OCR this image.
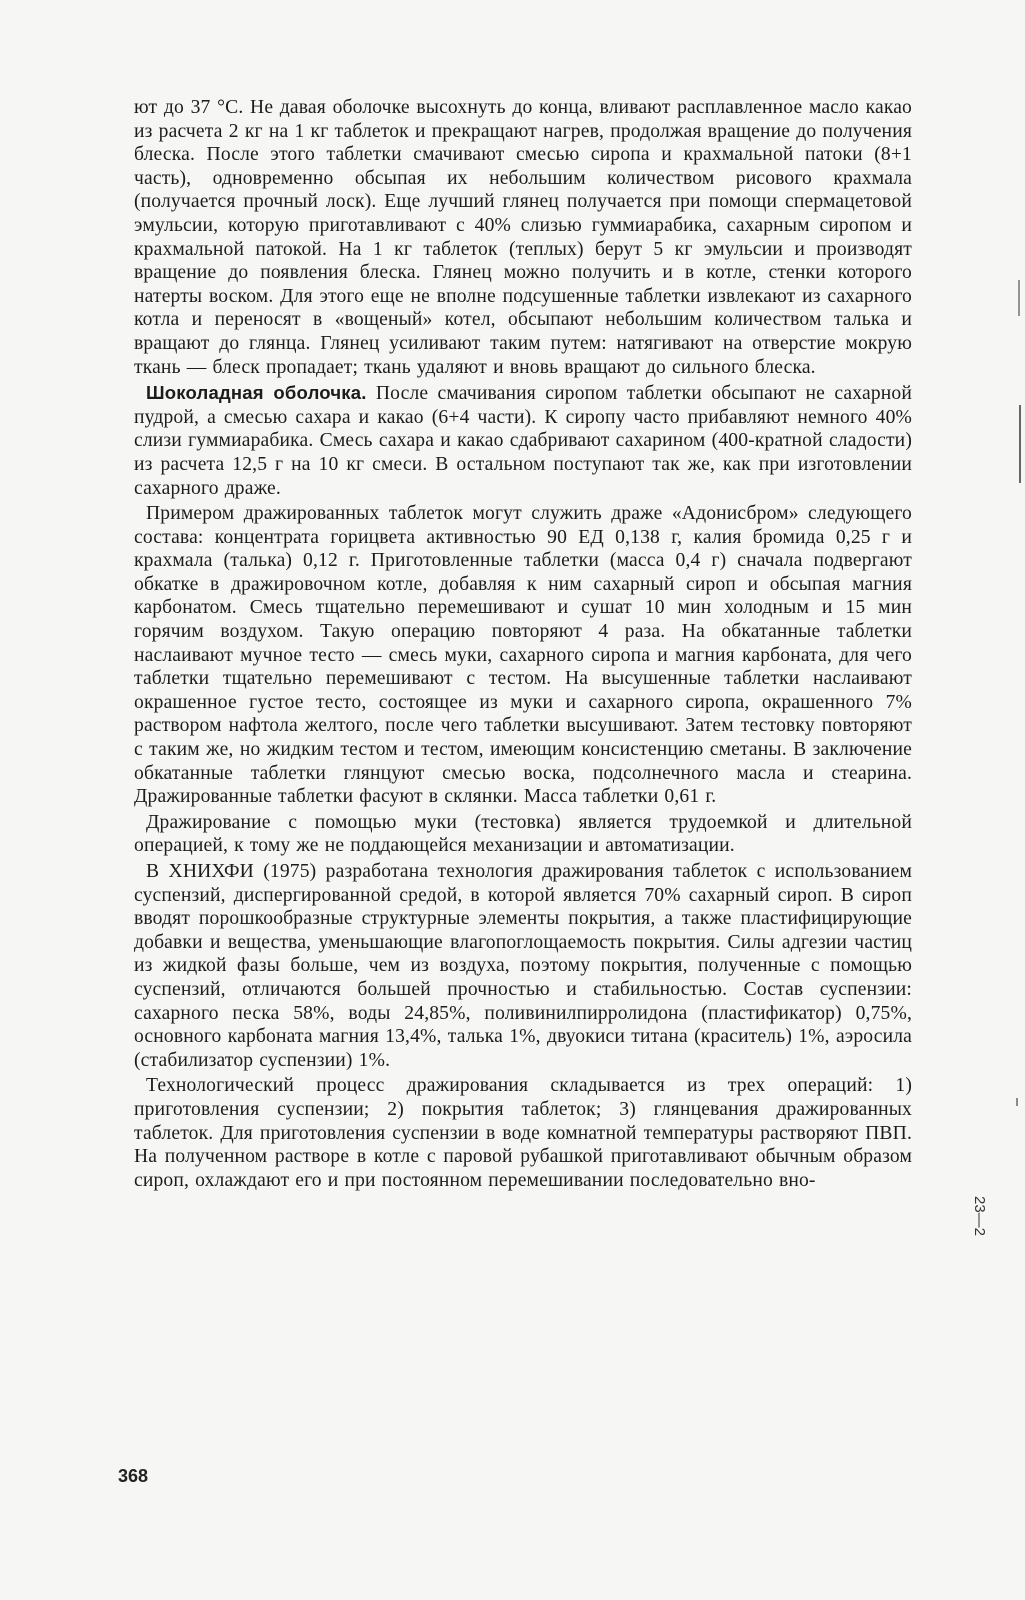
ют до 37 °С. Не давая оболочке высохнуть до конца, вливают расплавленное масло какао из расчета 2 кг на 1 кг таблеток и прекращают нагрев, продолжая вращение до получения блеска. После этого таблетки смачивают смесью сиропа и крахмальной патоки (8+1 часть), одновременно обсыпая их небольшим количеством рисового крахмала (получается прочный лоск). Еще лучший глянец получается при помощи спермацетовой эмульсии, которую приготавливают с 40% слизью гуммиарабика, сахарным сиропом и крахмальной патокой. На 1 кг таблеток (теплых) берут 5 кг эмульсии и производят вращение до появления блеска. Глянец можно получить и в котле, стенки которого натерты воском. Для этого еще не вполне подсушенные таблетки извлекают из сахарного котла и переносят в «вощеный» котел, обсыпают небольшим количеством талька и вращают до глянца. Глянец усиливают таким путем: натягивают на отверстие мокрую ткань — блеск пропадает; ткань удаляют и вновь вращают до сильного блеска.

Шоколадная оболочка. После смачивания сиропом таблетки обсыпают не сахарной пудрой, а смесью сахара и какао (6+4 части). К сиропу часто прибавляют немного 40% слизи гуммиарабика. Смесь сахара и какао сдабривают сахарином (400-кратной сладости) из расчета 12,5 г на 10 кг смеси. В остальном поступают так же, как при изготовлении сахарного драже.

Примером дражированных таблеток могут служить драже «Адонисбром» следующего состава: концентрата горицвета активностью 90 ЕД 0,138 г, калия бромида 0,25 г и крахмала (талька) 0,12 г. Приготовленные таблетки (масса 0,4 г) сначала подвергают обкатке в дражировочном котле, добавляя к ним сахарный сироп и обсыпая магния карбонатом. Смесь тщательно перемешивают и сушат 10 мин холодным и 15 мин горячим воздухом. Такую операцию повторяют 4 раза. На обкатанные таблетки наслаивают мучное тесто — смесь муки, сахарного сиропа и магния карбоната, для чего таблетки тщательно перемешивают с тестом. На высушенные таблетки наслаивают окрашенное густое тесто, состоящее из муки и сахарного сиропа, окрашенного 7% раствором нафтола желтого, после чего таблетки высушивают. Затем тестовку повторяют с таким же, но жидким тестом и тестом, имеющим консистенцию сметаны. В заключение обкатанные таблетки глянцуют смесью воска, подсолнечного масла и стеарина. Дражированные таблетки фасуют в склянки. Масса таблетки 0,61 г.

Дражирование с помощью муки (тестовка) является трудоемкой и длительной операцией, к тому же не поддающейся механизации и автоматизации.

В ХНИХФИ (1975) разработана технология дражирования таблеток с использованием суспензий, диспергированной средой, в которой является 70% сахарный сироп. В сироп вводят порошкообразные структурные элементы покрытия, а также пластифицирующие добавки и вещества, уменьшающие влагопоглощаемость покрытия. Силы адгезии частиц из жидкой фазы больше, чем из воздуха, поэтому покрытия, полученные с помощью суспензий, отличаются большей прочностью и стабильностью. Состав суспензии: сахарного песка 58%, воды 24,85%, поливинилпирролидона (пластификатор) 0,75%, основного карбоната магния 13,4%, талька 1%, двуокиси титана (краситель) 1%, аэросила (стабилизатор суспензии) 1%.

Технологический процесс дражирования складывается из трех операций: 1) приготовления суспензии; 2) покрытия таблеток; 3) глянцевания дражированных таблеток. Для приготовления суспензии в воде комнатной температуры растворяют ПВП. На полученном растворе в котле с паровой рубашкой приготавливают обычным образом сироп, охлаждают его и при постоянном перемешивании последовательно вно-

368
23—2
